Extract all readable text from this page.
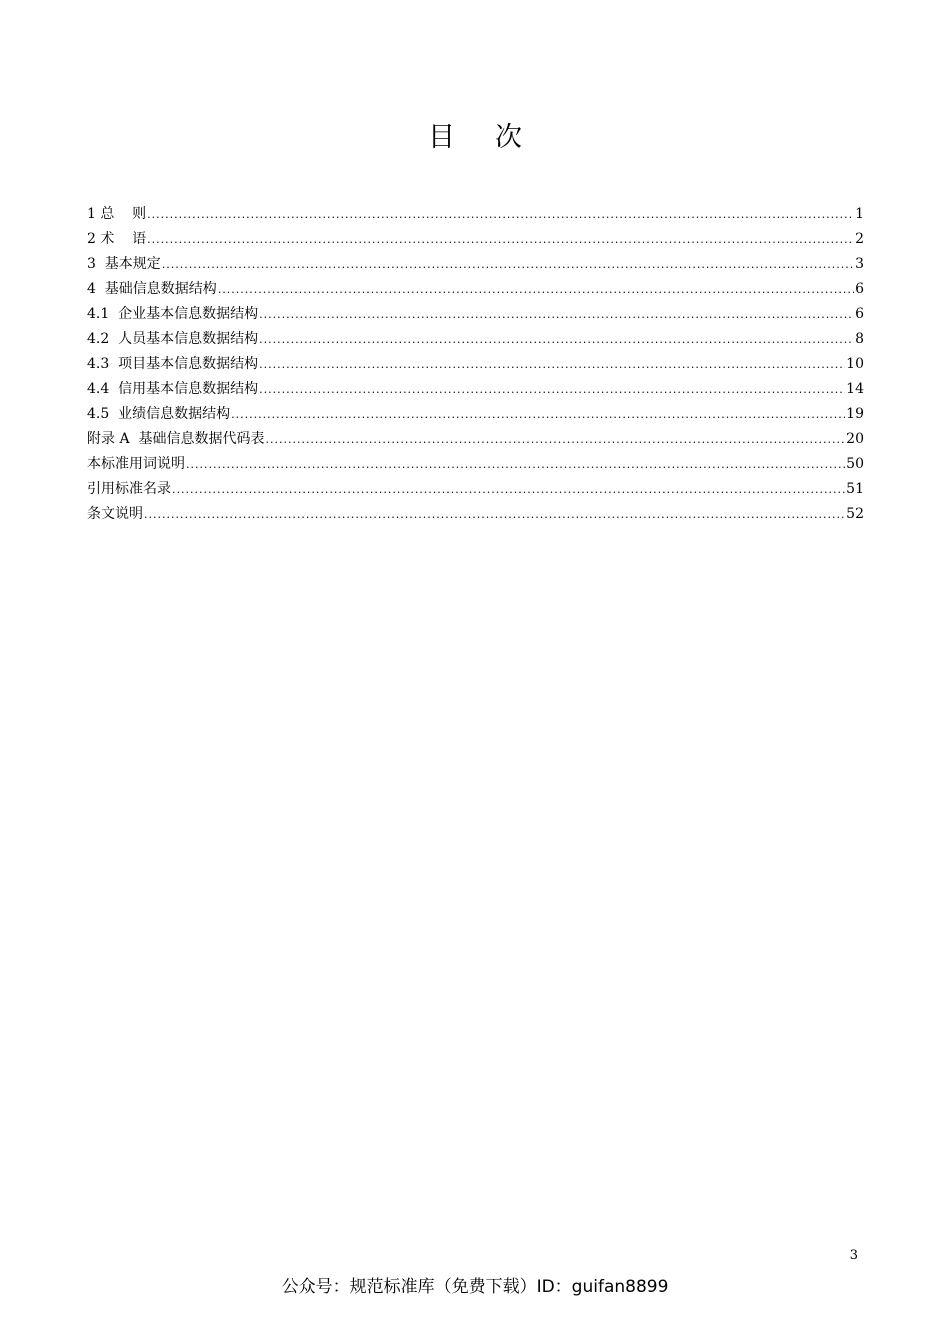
目次
1 总    则 .....	1
2 术    语 .....	2
3  基本规定 .....	3
4  基础信息数据结构 .....	6
4.1  企业基本信息数据结构 .....	6
4.2  人员基本信息数据结构 .....	8
4.3  项目基本信息数据结构 .....	10
4.4  信用基本信息数据结构 .....	14
4.5  业绩信息数据结构 .....	19
附录 A  基础信息数据代码表 .....	20
本标准用词说明 .....	50
引用标准名录 .....	51
条文说明 .....	52
3
公众号：规范标准库（免费下载）ID：guifan8899
